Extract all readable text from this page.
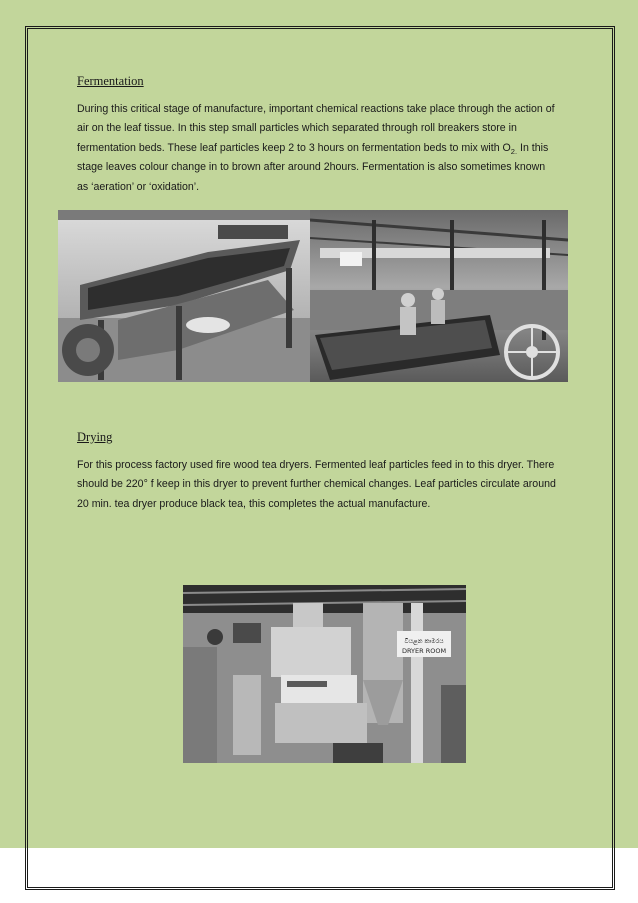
Fermentation

During this critical stage of manufacture, important chemical reactions take place through the action of air on the leaf tissue. In this step small particles which separated through roll breakers store in fermentation beds. These leaf particles keep 2 to 3 hours on fermentation beds to mix with $O_{2.}$ In this stage leaves colour change in to brown after around 2hours. Fermentation is also sometimes known as ‘aeration’ or ‘oxidation’.

Drying

For this process factory used fire wood tea dryers. Fermented leaf particles feed in to this dryer. There should be 220° f keep in this dryer to prevent further chemical changes. Leaf particles circulate around 20 min. tea dryer produce black tea, this completes the actual manufacture.

වියළන කාමරය
DRYER ROOM
